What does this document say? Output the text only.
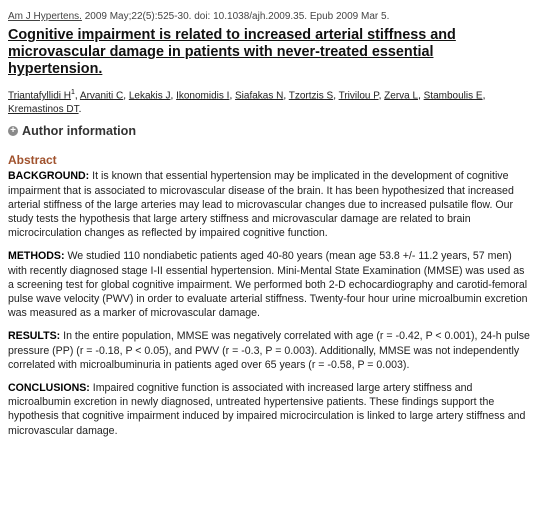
Am J Hypertens. 2009 May;22(5):525-30. doi: 10.1038/ajh.2009.35. Epub 2009 Mar 5.
Cognitive impairment is related to increased arterial stiffness and microvascular damage in patients with never-treated essential hypertension.
Triantafyllidi $H^1$, Arvaniti C, Lekakis J, Ikonomidis I, Siafakas N, Tzortzis S, Trivilou P, Zerva L, Stamboulis E, Kremastinos DT.
+ Author information
Abstract

BACKGROUND: It is known that essential hypertension may be implicated in the development of cognitive impairment that is associated to microvascular disease of the brain. It has been hypothesized that increased arterial stiffness of the large arteries may lead to microvascular changes due to increased pulsatile flow. Our study tests the hypothesis that large artery stiffness and microvascular damage are related to brain microcirculation changes as reflected by impaired cognitive function.

METHODS: We studied 110 nondiabetic patients aged 40-80 years (mean age 53.8 +/- 11.2 years, 57 men) with recently diagnosed stage I-II essential hypertension. Mini-Mental State Examination (MMSE) was used as a screening test for global cognitive impairment. We performed both 2-D echocardiography and carotid-femoral pulse wave velocity (PWV) in order to evaluate arterial stiffness. Twenty-four hour urine microalbumin excretion was measured as a marker of microvascular damage.

RESULTS: In the entire population, MMSE was negatively correlated with age (r = -0.42, P < 0.001), 24-h pulse pressure (PP) (r = -0.18, P < 0.05), and PWV (r = -0.3, P = 0.003). Additionally, MMSE was not independently correlated with microalbuminuria in patients aged over 65 years (r = -0.58, P = 0.003).

CONCLUSIONS: Impaired cognitive function is associated with increased large artery stiffness and microalbumin excretion in newly diagnosed, untreated hypertensive patients. These findings support the hypothesis that cognitive impairment induced by impaired microcirculation is linked to large artery stiffness and microvascular damage.
